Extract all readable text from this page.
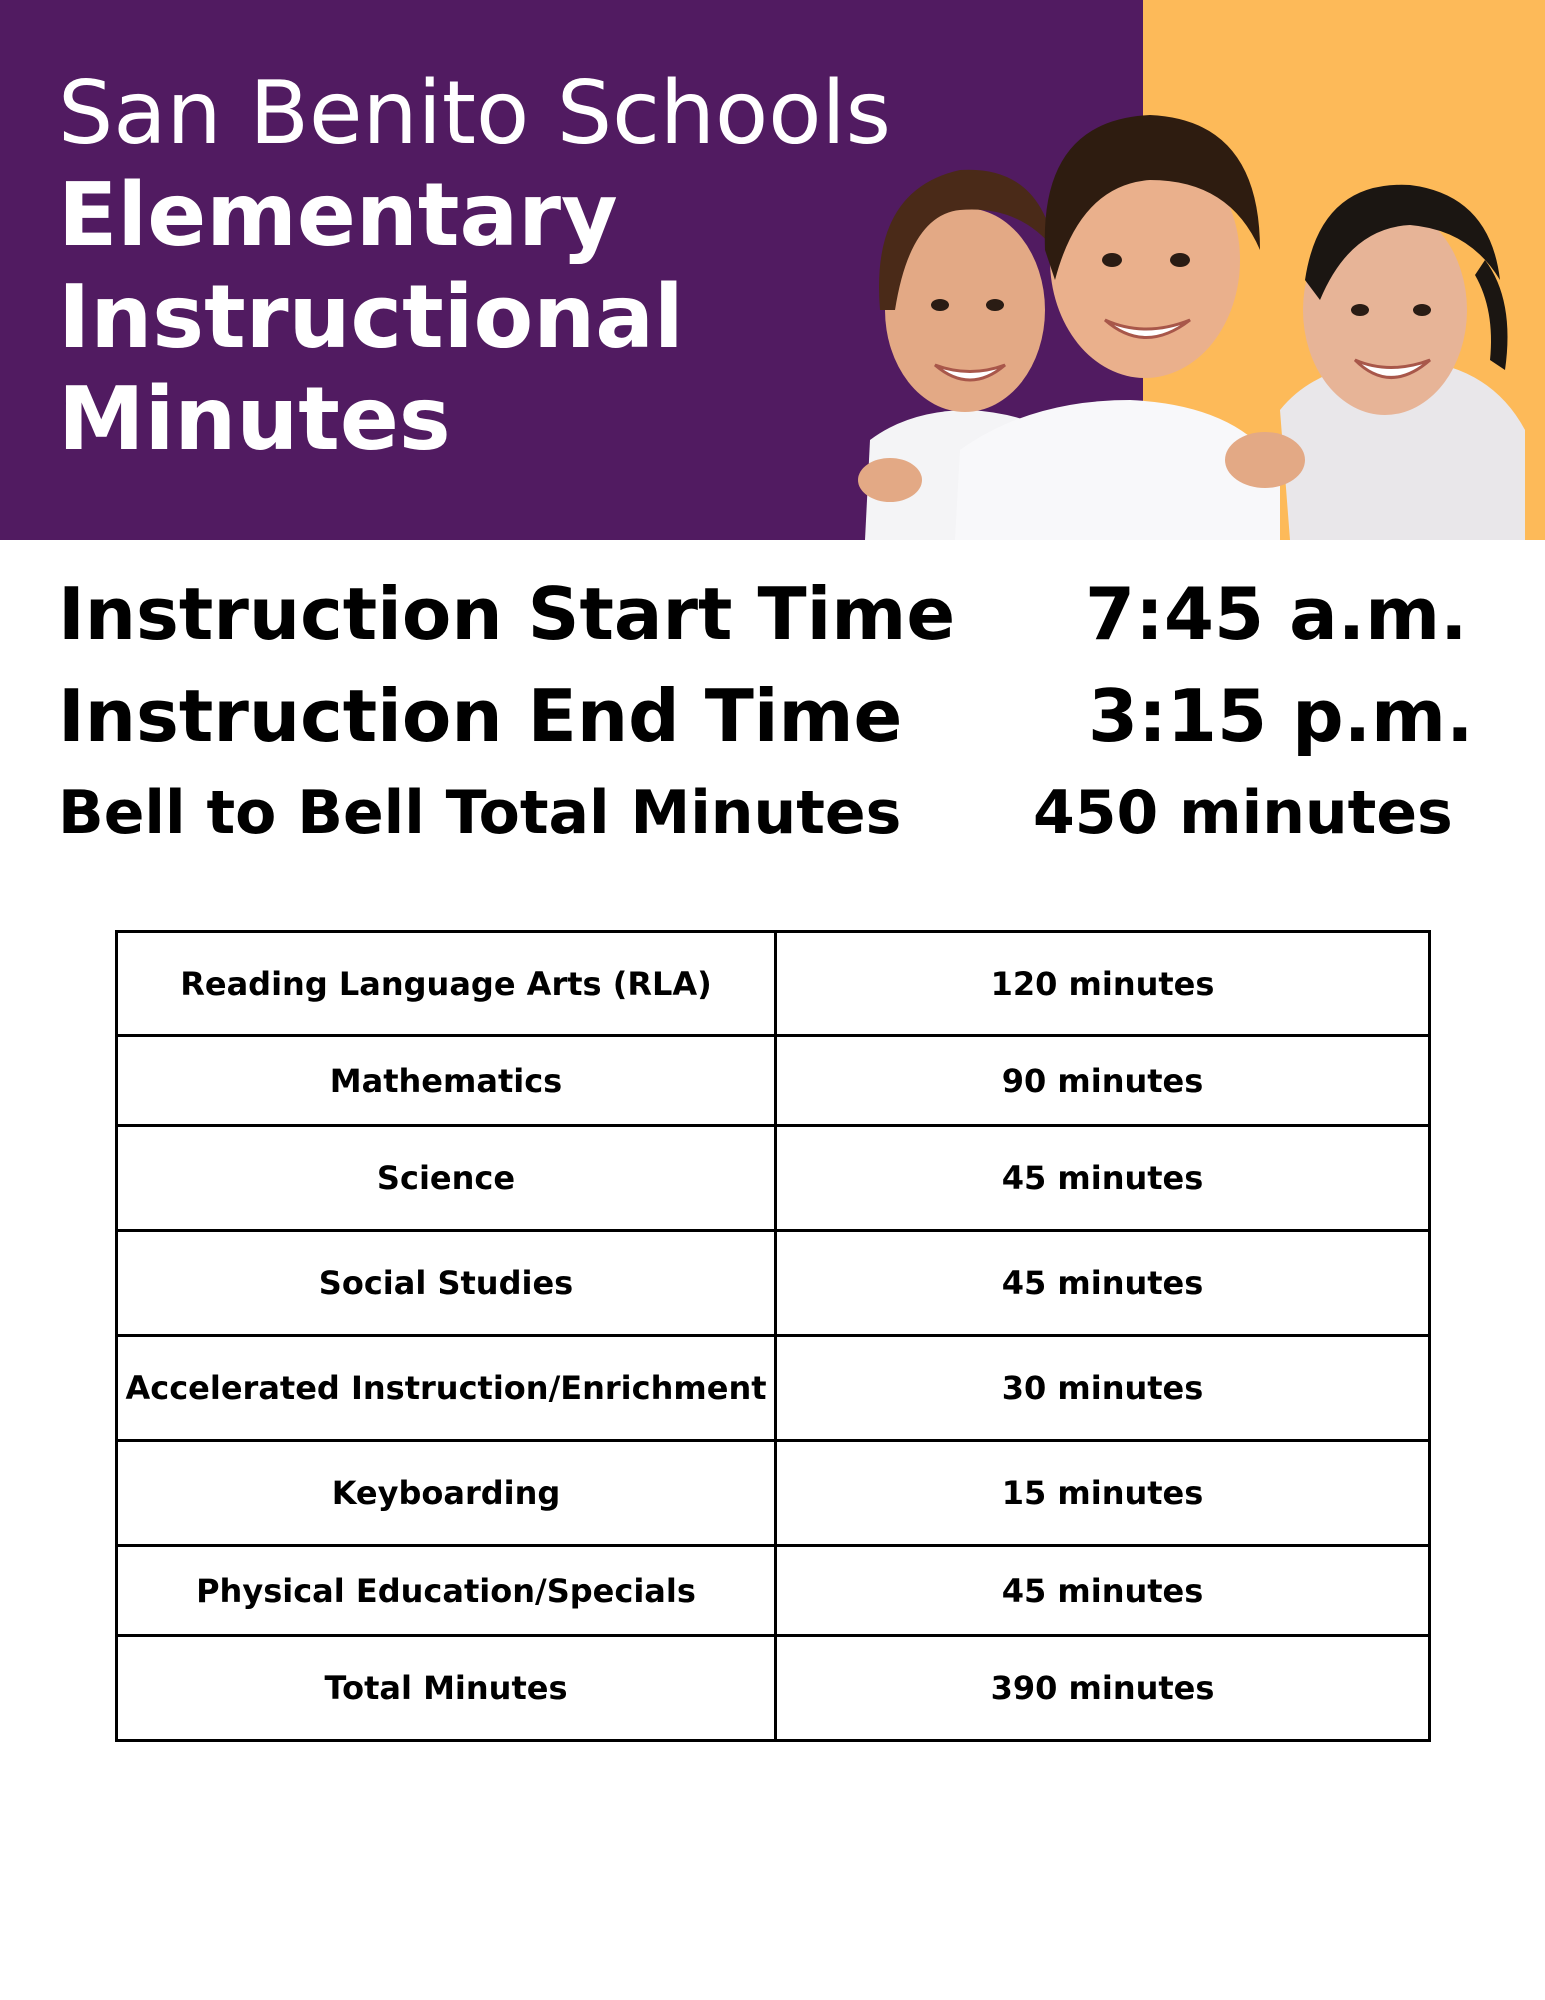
San Benito Schools
Elementary
Instructional
Minutes
Instruction Start Time 7:45 a.m.
Instruction End Time	3:15 p.m.
Bell to Bell Total Minutes 450 minutes
Reading Language Arts (RLA)	120 minutes
Mathematics	90 minutes
Science	45 minutes
Social Studies	45 minutes
Accelerated Instruction/Enrichment	30 minutes
Keyboarding	15 minutes
Physical Education/Specials	45 minutes
Total Minutes	390 minutes
